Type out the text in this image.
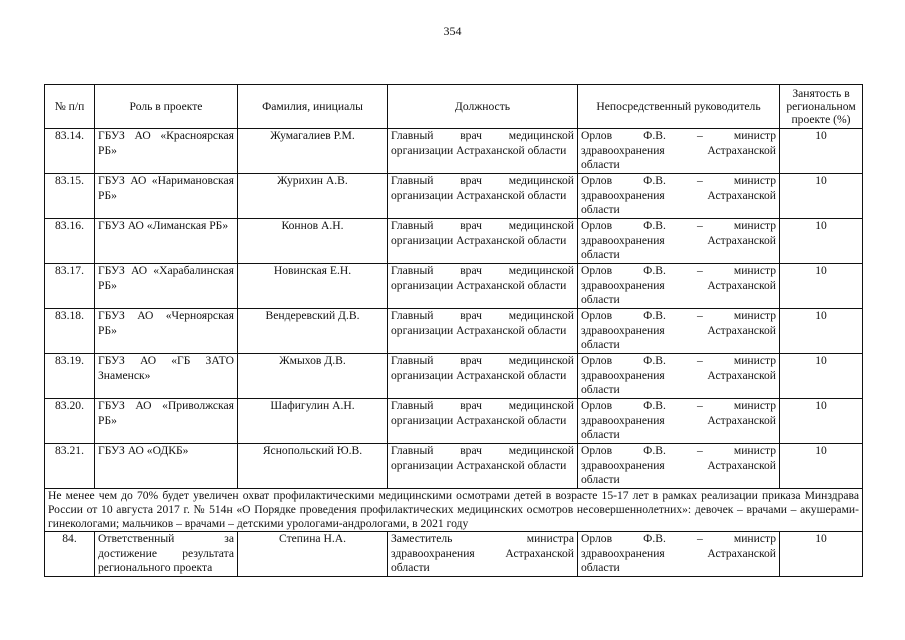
354
№ п/п	Роль в проекте	Фамилия, инициалы	Должность	Непосредственный руководитель	Занятость в региональном проекте (%)
83.14.	ГБУЗ АО «Красноярская РБ»	Жумагалиев Р.М.	Главный врач медицинской организации Астраханской области	Орлов Ф.В. – министр здравоохранения Астраханской области	10
83.15.	ГБУЗ АО «Наримановская РБ»	Журихин А.В.	Главный врач медицинской организации Астраханской области	Орлов Ф.В. – министр здравоохранения Астраханской области	10
83.16.	ГБУЗ АО «Лиманская РБ»	Коннов А.Н.	Главный врач медицинской организации Астраханской области	Орлов Ф.В. – министр здравоохранения Астраханской области	10
83.17.	ГБУЗ АО «Харабалинская РБ»	Новинская Е.Н.	Главный врач медицинской организации Астраханской области	Орлов Ф.В. – министр здравоохранения Астраханской области	10
83.18.	ГБУЗ АО «Черноярская РБ»	Вендеревский Д.В.	Главный врач медицинской организации Астраханской области	Орлов Ф.В. – министр здравоохранения Астраханской области	10
83.19.	ГБУЗ АО «ГБ ЗАТО Знаменск»	Жмыхов Д.В.	Главный врач медицинской организации Астраханской области	Орлов Ф.В. – министр здравоохранения Астраханской области	10
83.20.	ГБУЗ АО «Приволжская РБ»	Шафигулин А.Н.	Главный врач медицинской организации Астраханской области	Орлов Ф.В. – министр здравоохранения Астраханской области	10
83.21.	ГБУЗ АО «ОДКБ»	Яснопольский Ю.В.	Главный врач медицинской организации Астраханской области	Орлов Ф.В. – министр здравоохранения Астраханской области	10
Не менее чем до 70% будет увеличен охват профилактическими медицинскими осмотрами детей в возрасте 15-17 лет в рамках реализации приказа Минздрава России от 10 августа 2017 г. № 514н «О Порядке проведения профилактических медицинских осмотров несовершеннолетних»: девочек – врачами – акушерами-гинекологами; мальчиков – врачами – детскими урологами-андрологами, в 2021 году					
84.	Ответственный за достижение результата регионального проекта	Степина Н.А.	Заместитель министра здравоохранения Астраханской области	Орлов Ф.В. – министр здравоохранения Астраханской области	10
